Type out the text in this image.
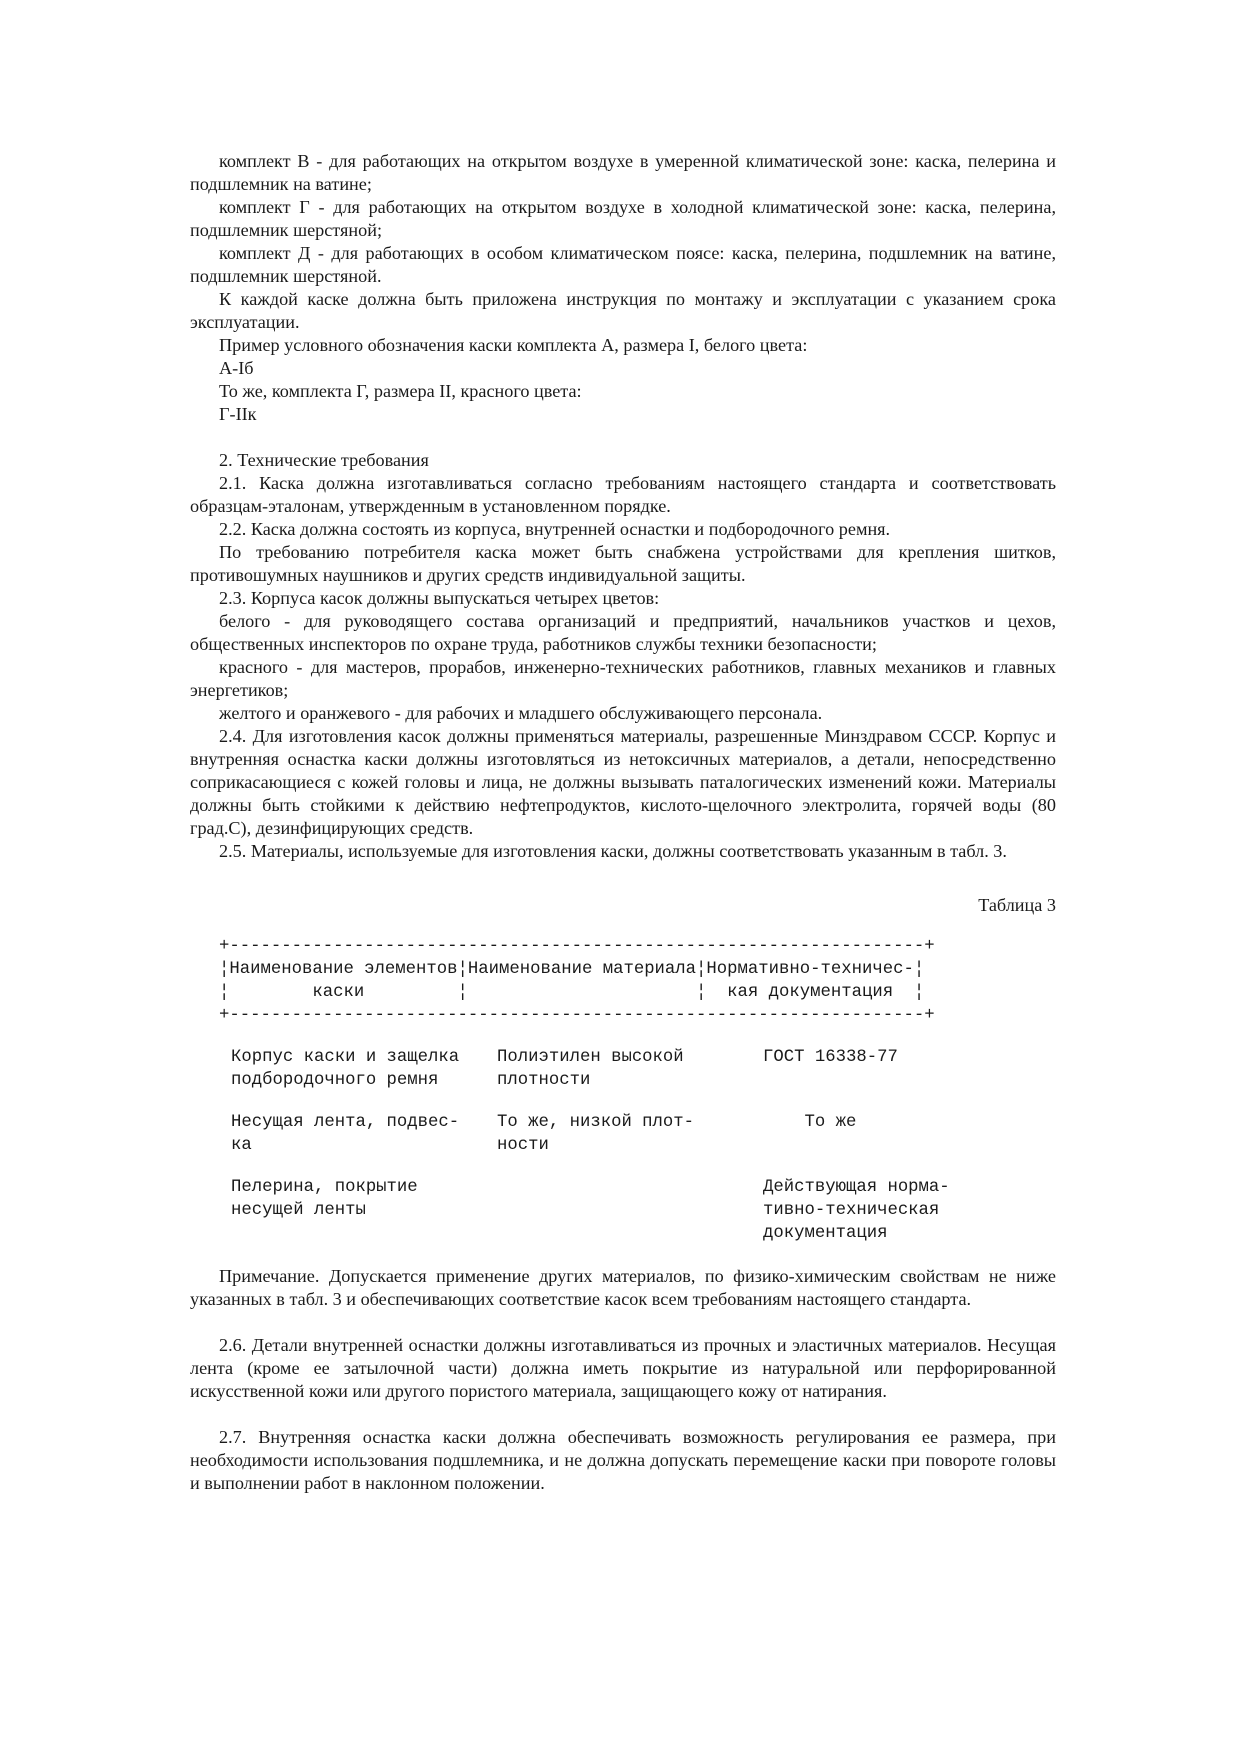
комплект В - для работающих на открытом воздухе в умеренной климатической зоне: каска, пелерина и подшлемник на ватине;

комплект Г - для работающих на открытом воздухе в холодной климатической зоне: каска, пелерина, подшлемник шерстяной;

комплект Д - для работающих в особом климатическом поясе: каска, пелерина, подшлемник на ватине, подшлемник шерстяной.

К каждой каске должна быть приложена инструкция по монтажу и эксплуатации с указанием срока эксплуатации.

Пример условного обозначения каски комплекта А, размера I, белого цвета:

А-Iб

То же, комплекта Г, размера II, красного цвета:

Г-IIк

2. Технические требования

2.1. Каска должна изготавливаться согласно требованиям настоящего стандарта и соответствовать образцам-эталонам, утвержденным в установленном порядке.

2.2. Каска должна состоять из корпуса, внутренней оснастки и подбородочного ремня.

По требованию потребителя каска может быть снабжена устройствами для крепления шитков, противошумных наушников и других средств индивидуальной защиты.

2.3. Корпуса касок должны выпускаться четырех цветов:

белого - для руководящего состава организаций и предприятий, начальников участков и цехов, общественных инспекторов по охране труда, работников службы техники безопасности;

красного - для мастеров, прорабов, инженерно-технических работников, главных механиков и главных энергетиков;

желтого и оранжевого - для рабочих и младшего обслуживающего персонала.

2.4. Для изготовления касок должны применяться материалы, разрешенные Минздравом СССР. Корпус и внутренняя оснастка каски должны изготовляться из нетоксичных материалов, а детали, непосредственно соприкасающиеся с кожей головы и лица, не должны вызывать паталогических изменений кожи. Материалы должны быть стойкими к действию нефтепродуктов, кислото-щелочного электролита, горячей воды (80 град.С), дезинфицирующих средств.

2.5. Материалы, используемые для изготовления каски, должны соответствовать указанным в табл. 3.

Таблица 3

+-------------------------------------------------------------------+

¦Наименование элементов¦Наименование материала¦Нормативно-техничес-¦

¦        каски         ¦                      ¦  кая документация  ¦

+-------------------------------------------------------------------+

Корпус каски и защелка
подбородочного ремня
Полиэтилен высокой
плотности
ГОСТ 16338-77
Несущая лента, подвес-
ка
То же, низкой плот-
ности
То же
Пелерина, покрытие
несущей ленты
Действующая норма-
тивно-техническая
документация

Примечание. Допускается применение других материалов, по физико-химическим свойствам не ниже указанных в табл. 3 и обеспечивающих соответствие касок всем требованиям настоящего стандарта.

2.6. Детали внутренней оснастки должны изготавливаться из прочных и эластичных материалов. Несущая лента (кроме ее затылочной части) должна иметь покрытие из натуральной или перфорированной искусственной кожи или другого пористого материала, защищающего кожу от натирания.

2.7. Внутренняя оснастка каски должна обеспечивать возможность регулирования ее размера, при необходимости использования подшлемника, и не должна допускать перемещение каски при повороте головы и выполнении работ в наклонном положении.
